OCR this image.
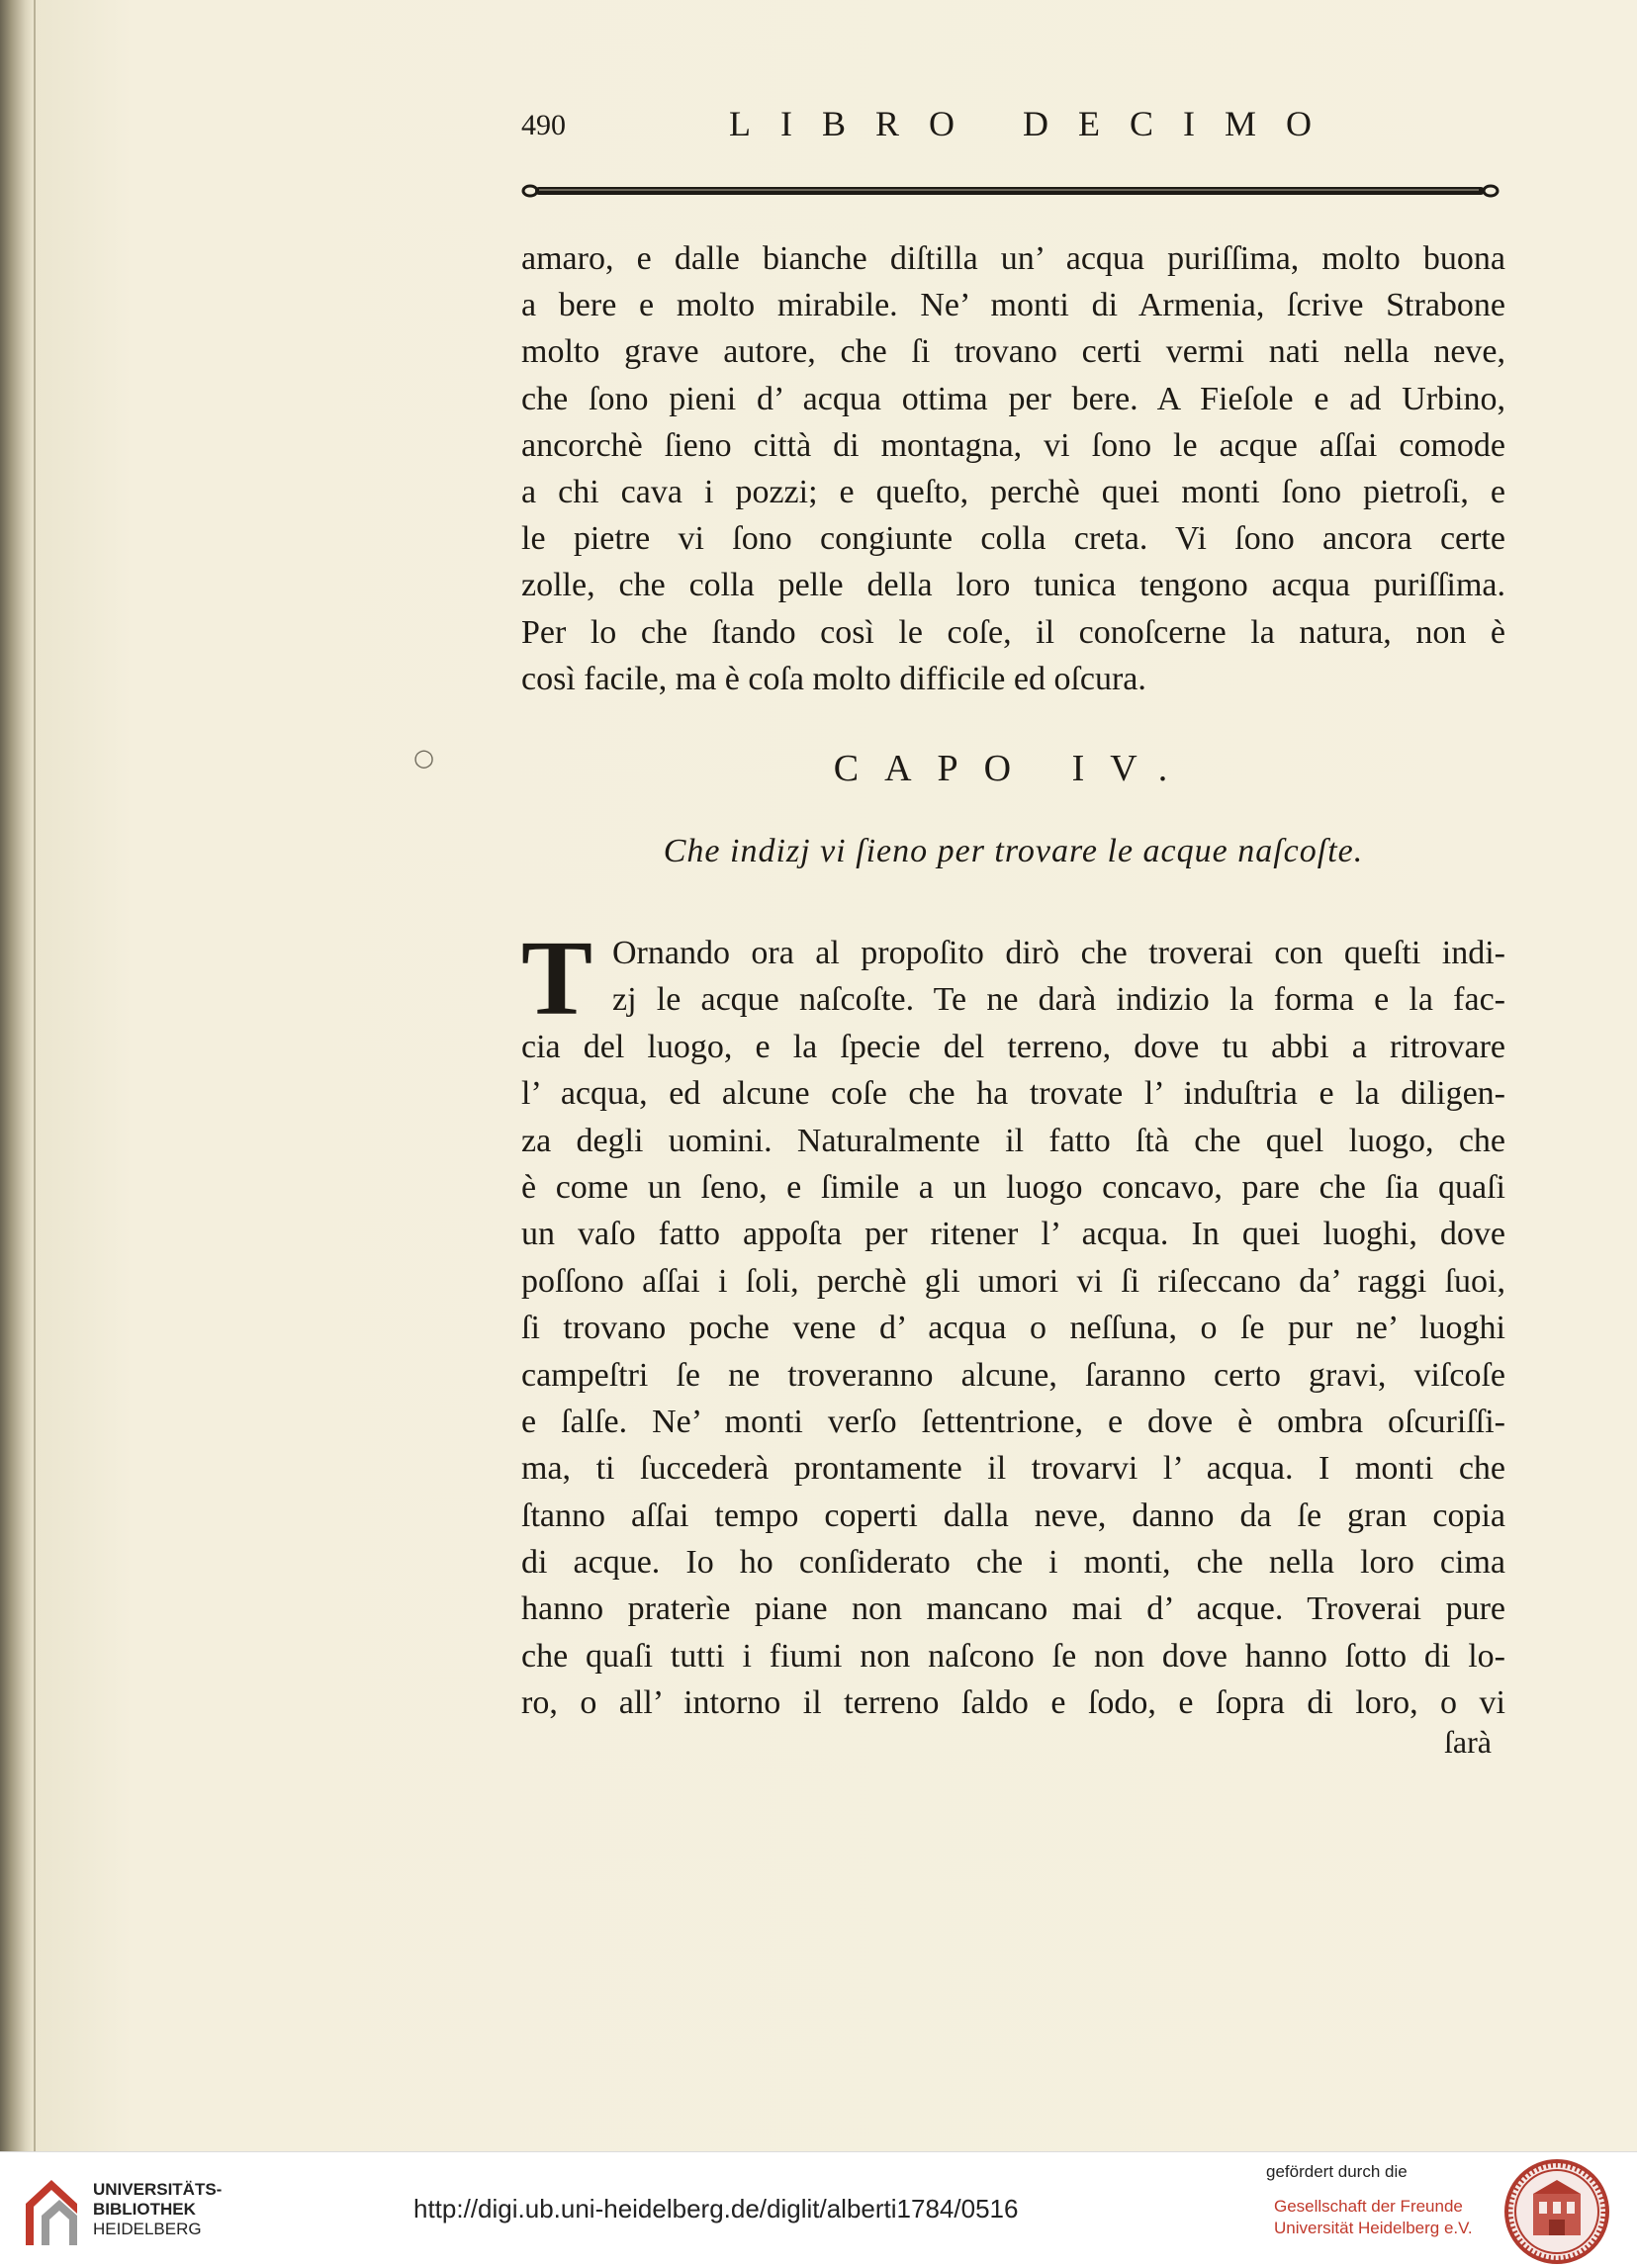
490	LIBRO DECIMO
amaro, e dalle bianche diſtilla un’ acqua puriſſima, molto buona
a bere e molto mirabile. Ne’ monti di Armenia, ſcrive Strabone
molto grave autore, che ſi trovano certi vermi nati nella neve,
che ſono pieni d’ acqua ottima per bere. A Fieſole e ad Urbino,
ancorchè ſieno città di montagna, vi ſono le acque aſſai comode
a chi cava i pozzi; e queſto, perchè quei monti ſono pietroſi, e
le pietre vi ſono congiunte colla creta. Vi ſono ancora certe
zolle, che colla pelle della loro tunica tengono acqua puriſſima.
Per lo che ſtando così le coſe, il conoſcerne la natura, non è
così facile, ma è coſa molto difficile ed oſcura.
○	CAPO IV.
Che indizj vi ſieno per trovare le acque naſcoſte.
T Ornando ora al propoſito dirò che troverai con queſti indi-
zj le acque naſcoſte. Te ne darà indizio la forma e la fac-
cia del luogo, e la ſpecie del terreno, dove tu abbi a ritrovare
l’ acqua, ed alcune coſe che ha trovate l’ induſtria e la diligen-
za degli uomini. Naturalmente il fatto ſtà che quel luogo, che
è come un ſeno, e ſimile a un luogo concavo, pare che ſia quaſi
un vaſo fatto appoſta per ritener l’ acqua. In quei luoghi, dove
poſſono aſſai i ſoli, perchè gli umori vi ſi riſeccano da’ raggi ſuoi,
ſi trovano poche vene d’ acqua o neſſuna, o ſe pur ne’ luoghi
campeſtri ſe ne troveranno alcune, ſaranno certo gravi, viſcoſe
e ſalſe. Ne’ monti verſo ſettentrione, e dove è ombra oſcuriſſi-
ma, ti ſuccederà prontamente il trovarvi l’ acqua. I monti che
ſtanno aſſai tempo coperti dalla neve, danno da ſe gran copia
di acque. Io ho conſiderato che i monti, che nella loro cima
hanno praterìe piane non mancano mai d’ acque. Troverai pure
che quaſi tutti i fiumi non naſcono ſe non dove hanno ſotto di lo-
ro, o all’ intorno il terreno ſaldo e ſodo, e ſopra di loro, o vi
ſarà
UNIVERSITÄTS-
BIBLIOTHEK
HEIDELBERG
http://digi.ub.uni-heidelberg.de/diglit/alberti1784/0516
gefördert durch die
Gesellschaft der Freunde
Universität Heidelberg e.V.
